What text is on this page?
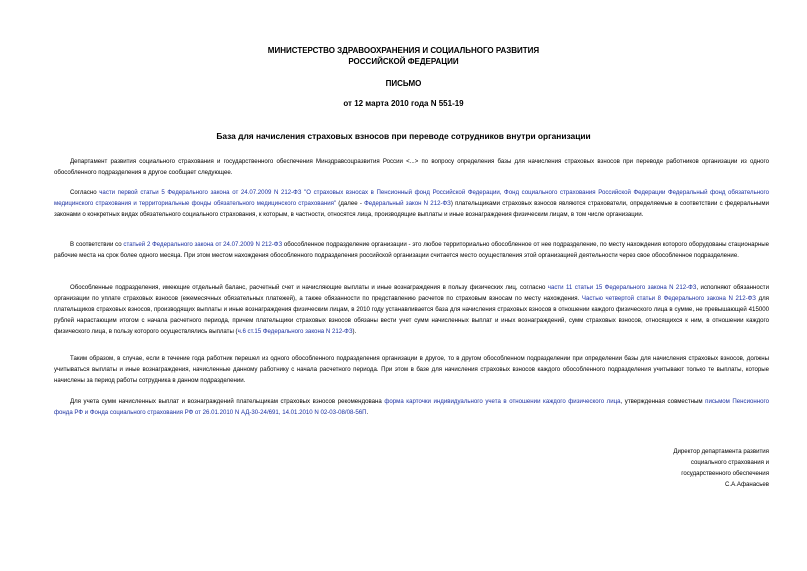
МИНИСТЕРСТВО ЗДРАВООХРАНЕНИЯ И СОЦИАЛЬНОГО РАЗВИТИЯ
РОССИЙСКОЙ ФЕДЕРАЦИИ
ПИСЬМО
от 12 марта 2010 года N 551-19
База для начисления страховых взносов при переводе сотрудников внутри организации
Департамент развития социального страхования и государственного обеспечения Минздравсоцразвития России <...> по вопросу определения базы для начисления страховых взносов при переводе работников организации из одного обособленного подразделения в другое сообщает следующее.
Согласно части первой статьи 5 Федерального закона от 24.07.2009 N 212-ФЗ "О страховых взносах в Пенсионный фонд Российской Федерации, Фонд социального страхования Российской Федерации Федеральный фонд обязательного медицинского страхования и территориальные фонды обязательного медицинского страхования" (далее - Федеральный закон N 212-ФЗ) плательщиками страховых взносов являются страхователи, определяемые в соответствии с федеральными законами о конкретных видах обязательного социального страхования, к которым, в частности, относятся лица, производящие выплаты и иные вознаграждения физическим лицам, в том числе организации.
В соответствии со статьей 2 Федерального закона от 24.07.2009 N 212-ФЗ обособленное подразделение организации - это любое территориально обособленное от нее подразделение, по месту нахождения которого оборудованы стационарные рабочие места на срок более одного месяца. При этом местом нахождения обособленного подразделения российской организации считается место осуществления этой организацией деятельности через свое обособленное подразделение.
Обособленные подразделения, имеющие отдельный баланс, расчетный счет и начисляющие выплаты и иные вознаграждения в пользу физических лиц, согласно части 11 статьи 15 Федерального закона N 212-ФЗ, исполняют обязанности организации по уплате страховых взносов (ежемесячных обязательных платежей), а также обязанности по представлению расчетов по страховым взносам по месту нахождения. Частью четвертой статьи 8 Федерального закона N 212-ФЗ для плательщиков страховых взносов, производящих выплаты и иные вознаграждения физическим лицам, в 2010 году устанавливается база для начисления страховых взносов в отношении каждого физического лица в сумме, не превышающей 415000 рублей нарастающим итогом с начала расчетного периода, причем плательщики страховых взносов обязаны вести учет сумм начисленных выплат и иных вознаграждений, сумм страховых взносов, относящихся к ним, в отношении каждого физического лица, в пользу которого осуществлялись выплаты (ч.6 ст.15 Федерального закона N 212-ФЗ).
Таким образом, в случае, если в течение года работник перешел из одного обособленного подразделения организации в другое, то в другом обособленном подразделении при определении базы для начисления страховых взносов, должны учитываться выплаты и иные вознаграждения, начисленные данному работнику с начала расчетного периода. При этом в базе для начисления страховых взносов каждого обособленного подразделения учитывают только те выплаты, которые начислены за период работы сотрудника в данном подразделении.
Для учета сумм начисленных выплат и вознаграждений плательщикам страховых взносов рекомендована форма карточки индивидуального учета в отношении каждого физического лица, утвержденная совместным письмом Пенсионного фонда РФ и Фонда социального страхования РФ от 26.01.2010 N АД-30-24/691, 14.01.2010 N 02-03-08/08-56П.
Директор департамента развития
социального страхования и
государственного обеспечения
С.А.Афанасьев
